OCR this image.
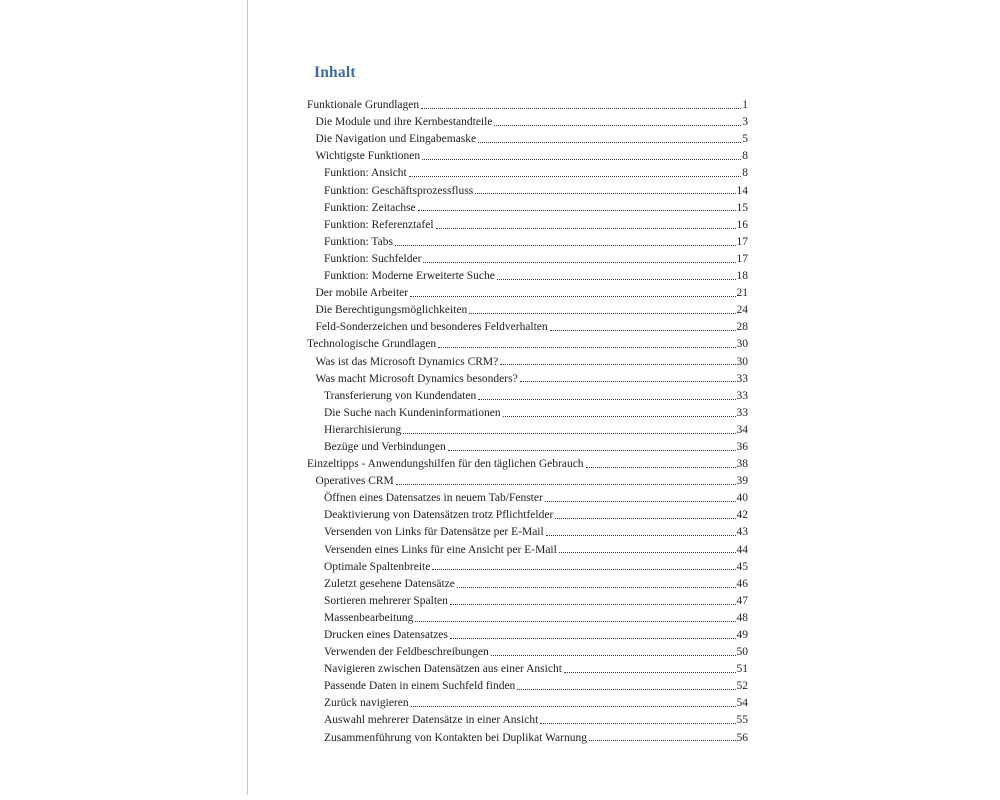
Inhalt
Funktionale Grundlagen	1
Die Module und ihre Kernbestandteile	3
Die Navigation und Eingabemaske	5
Wichtigste Funktionen	8
Funktion: Ansicht	8
Funktion: Geschäftsprozessfluss	14
Funktion: Zeitachse	15
Funktion: Referenztafel	16
Funktion: Tabs	17
Funktion: Suchfelder	17
Funktion: Moderne Erweiterte Suche	18
Der mobile Arbeiter	21
Die Berechtigungsmöglichkeiten	24
Feld-Sonderzeichen und besonderes Feldverhalten	28
Technologische Grundlagen	30
Was ist das Microsoft Dynamics CRM?	30
Was macht Microsoft Dynamics besonders?	33
Transferierung von Kundendaten	33
Die Suche nach Kundeninformationen	33
Hierarchisierung	34
Bezüge und Verbindungen	36
Einzeltipps - Anwendungshilfen für den täglichen Gebrauch	38
Operatives CRM	39
Öffnen eines Datensatzes in neuem Tab/Fenster	40
Deaktivierung von Datensätzen trotz Pflichtfelder	42
Versenden von Links für Datensätze per E-Mail	43
Versenden eines Links für eine Ansicht per E-Mail	44
Optimale Spaltenbreite	45
Zuletzt gesehene Datensätze	46
Sortieren mehrerer Spalten	47
Massenbearbeitung	48
Drucken eines Datensatzes	49
Verwenden der Feldbeschreibungen	50
Navigieren zwischen Datensätzen aus einer Ansicht	51
Passende Daten in einem Suchfeld finden	52
Zurück navigieren	54
Auswahl mehrerer Datensätze in einer Ansicht	55
Zusammenführung von Kontakten bei Duplikat Warnung	56
